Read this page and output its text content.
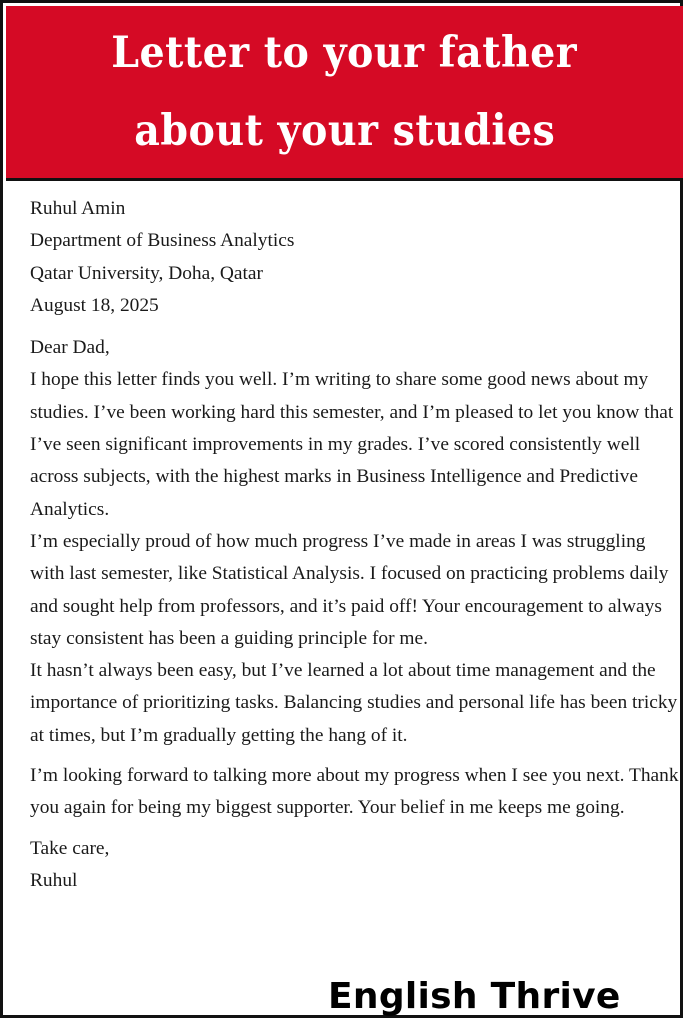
Letter to your father
about your studies

Ruhul Amin

Department of Business Analytics

Qatar University, Doha, Qatar

August 18, 2025

Dear Dad,

I hope this letter finds you well. I’m writing to share some good news about my studies. I’ve been working hard this semester, and I’m pleased to let you know that I’ve seen significant improvements in my grades. I’ve scored consistently well across subjects, with the highest marks in Business Intelligence and Predictive Analytics.

I’m especially proud of how much progress I’ve made in areas I was struggling with last semester, like Statistical Analysis. I focused on practicing problems daily and sought help from professors, and it’s paid off! Your encouragement to always stay consistent has been a guiding principle for me.

It hasn’t always been easy, but I’ve learned a lot about time management and the importance of prioritizing tasks. Balancing studies and personal life has been tricky at times, but I’m gradually getting the hang of it.

I’m looking forward to talking more about my progress when I see you next. Thank you again for being my biggest supporter. Your belief in me keeps me going.

Take care,

Ruhul

English Thrive
